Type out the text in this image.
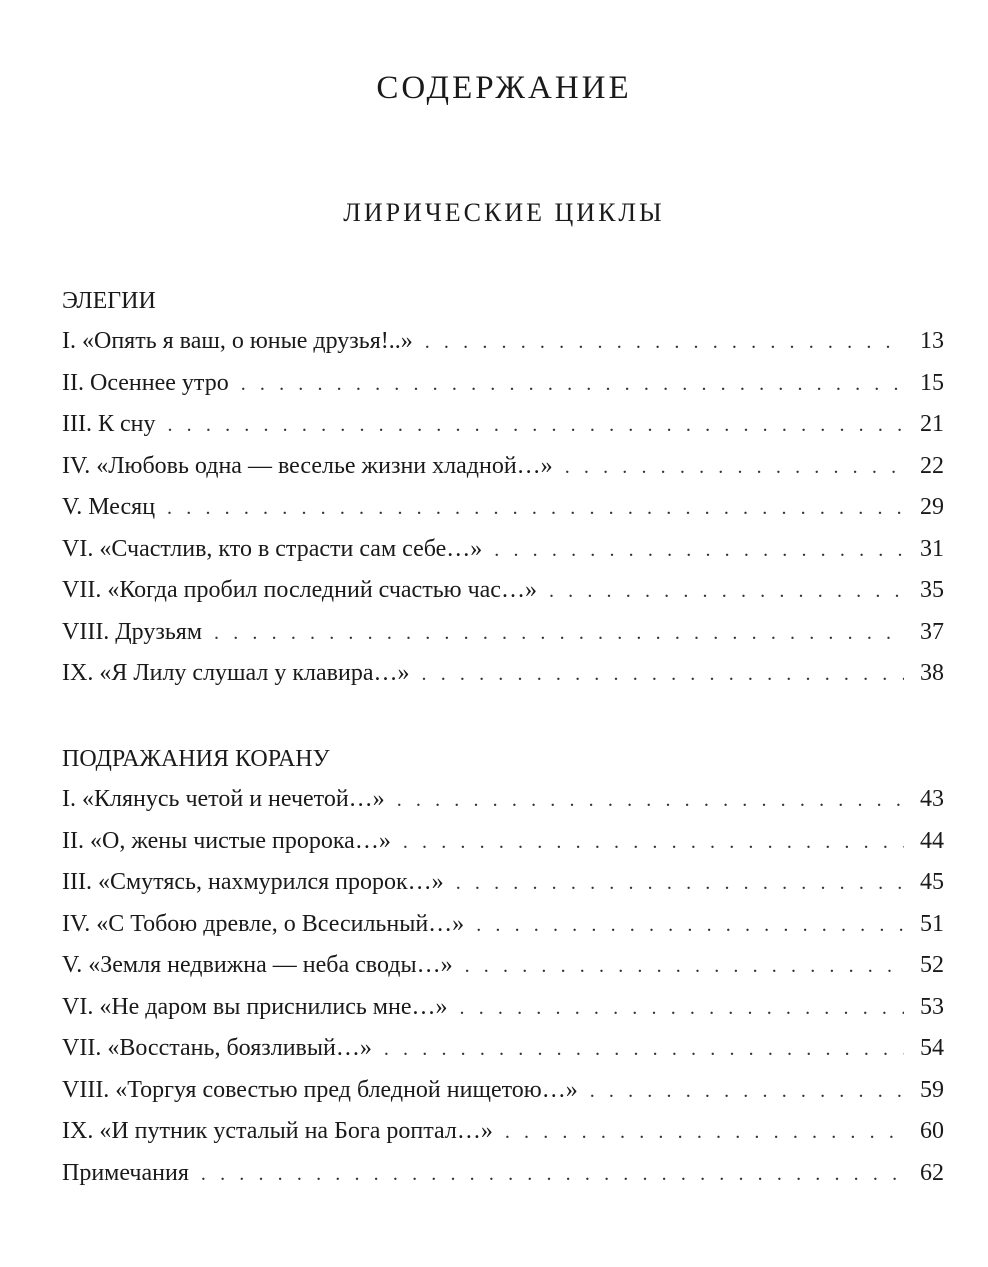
СОДЕРЖАНИЕ
ЛИРИЧЕСКИЕ ЦИКЛЫ
ЭЛЕГИИ
I. «Опять я ваш, о юные друзья!..» . . .	13
II. Осеннее утро . . .	15
III. К сну . . .	21
IV. «Любовь одна — веселье жизни хладной…» . . .	22
V. Месяц . . .	29
VI. «Счастлив, кто в страсти сам себе…» . . .	31
VII. «Когда пробил последний счастью час…» . . .	35
VIII. Друзьям . . .	37
IX. «Я Лилу слушал у клавира…» . . .	38
ПОДРАЖАНИЯ КОРАНУ
I. «Клянусь четой и нечетой…» . . .	43
II. «О, жены чистые пророка…» . . .	44
III. «Смутясь, нахмурился пророк…» . . .	45
IV. «С Тобою древле, о Всесильный…» . . .	51
V. «Земля недвижна — неба своды…» . . .	52
VI. «Не даром вы приснились мне…» . . .	53
VII. «Восстань, боязливый…» . . .	54
VIII. «Торгуя совестью пред бледной нищетою…» . . .	59
IX. «И путник усталый на Бога роптал…» . . .	60
Примечания . . .	62
